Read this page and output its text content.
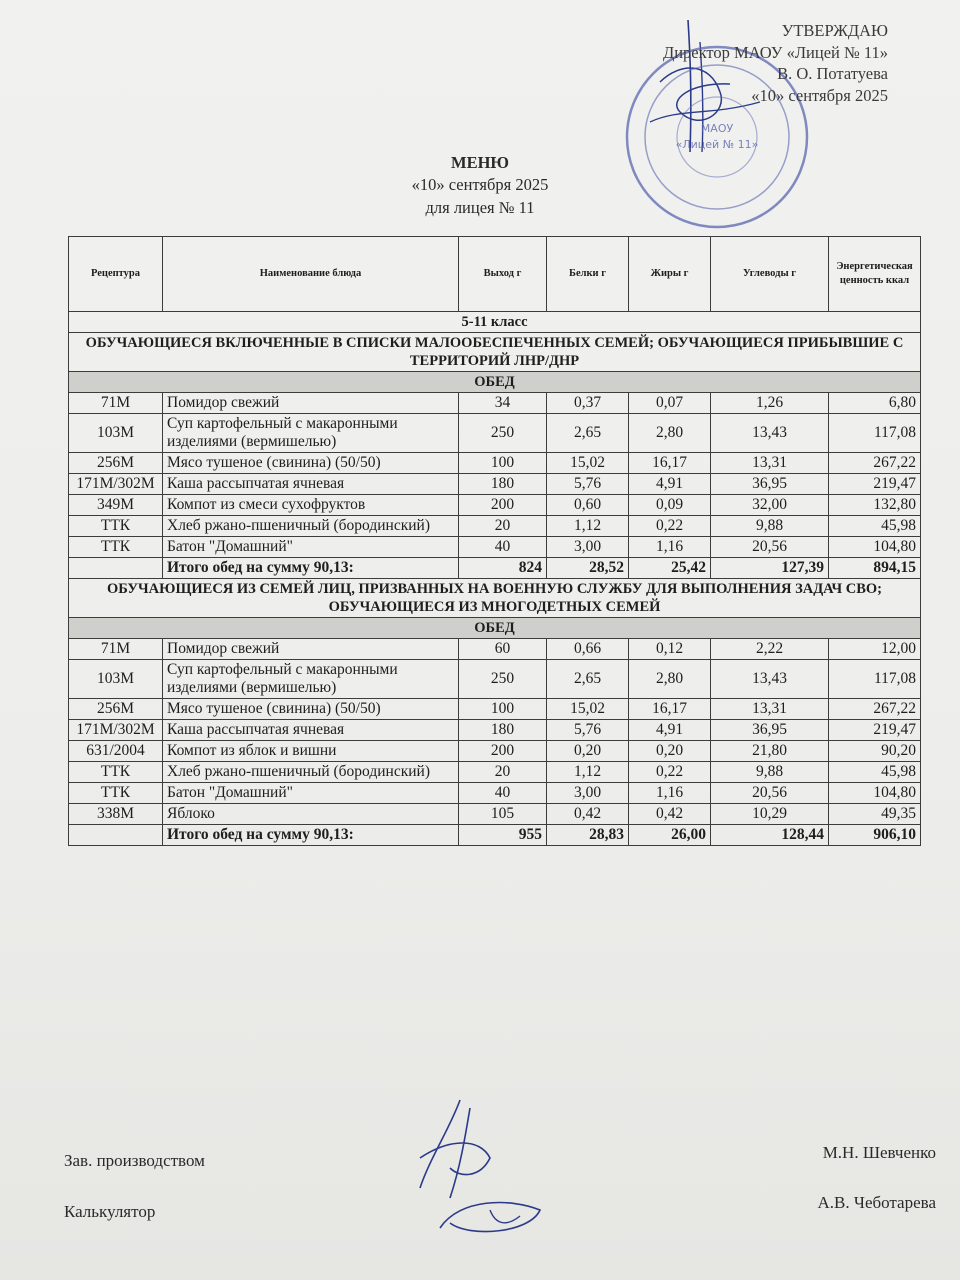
МАОУ
«Лицей № 11»
УТВЕРЖДАЮ
Директор МАОУ «Лицей № 11»
В. О. Потатуева
«10» сентября 2025
МЕНЮ
«10» сентября 2025
для лицея № 11
Рецептура	Наименование блюда	Выход г	Белки г	Жиры г	Углеводы г	Энергетическая ценность ккал
5-11 класс						
ОБУЧАЮЩИЕСЯ ВКЛЮЧЕННЫЕ В СПИСКИ МАЛООБЕСПЕЧЕННЫХ СЕМЕЙ; ОБУЧАЮЩИЕСЯ ПРИБЫВШИЕ С ТЕРРИТОРИЙ ЛНР/ДНР						
ОБЕД						
71М	Помидор свежий	34	0,37	0,07	1,26	6,80
103М	Суп картофельный с макаронными изделиями (вермишелью)	250	2,65	2,80	13,43	117,08
256М	Мясо тушеное (свинина) (50/50)	100	15,02	16,17	13,31	267,22
171М/302М	Каша рассыпчатая ячневая	180	5,76	4,91	36,95	219,47
349М	Компот из смеси сухофруктов	200	0,60	0,09	32,00	132,80
ТТК	Хлеб ржано-пшеничный (бородинский)	20	1,12	0,22	9,88	45,98
ТТК	Батон "Домашний"	40	3,00	1,16	20,56	104,80
	Итого обед на сумму 90,13:	824	28,52	25,42	127,39	894,15
ОБУЧАЮЩИЕСЯ ИЗ СЕМЕЙ ЛИЦ, ПРИЗВАННЫХ НА ВОЕННУЮ СЛУЖБУ ДЛЯ ВЫПОЛНЕНИЯ ЗАДАЧ СВО; ОБУЧАЮЩИЕСЯ ИЗ МНОГОДЕТНЫХ СЕМЕЙ						
ОБЕД						
71М	Помидор свежий	60	0,66	0,12	2,22	12,00
103М	Суп картофельный с макаронными изделиями (вермишелью)	250	2,65	2,80	13,43	117,08
256М	Мясо тушеное (свинина) (50/50)	100	15,02	16,17	13,31	267,22
171М/302М	Каша рассыпчатая ячневая	180	5,76	4,91	36,95	219,47
631/2004	Компот из яблок и вишни	200	0,20	0,20	21,80	90,20
ТТК	Хлеб ржано-пшеничный (бородинский)	20	1,12	0,22	9,88	45,98
ТТК	Батон "Домашний"	40	3,00	1,16	20,56	104,80
338М	Яблоко	105	0,42	0,42	10,29	49,35
	Итого обед на сумму 90,13:	955	28,83	26,00	128,44	906,10
Зав. производством	М.Н. Шевченко
Калькулятор	А.В. Чеботарева
